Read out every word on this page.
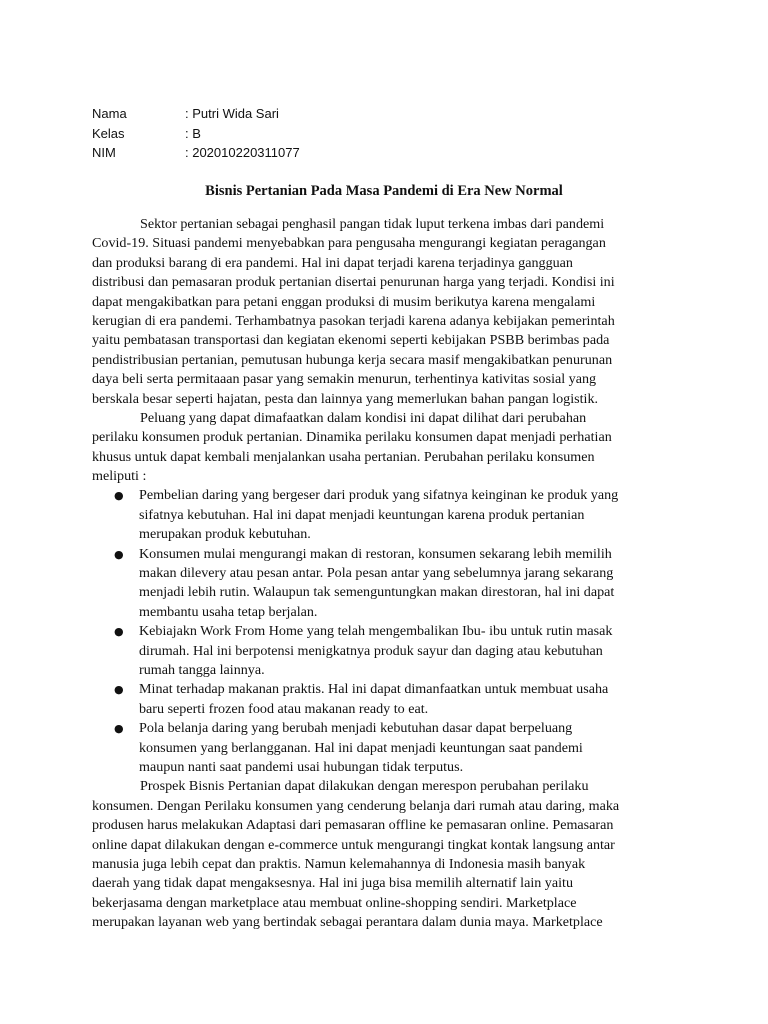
Nama	: Putri Wida Sari
Kelas	: B
NIM	: 202010220311077
Bisnis Pertanian Pada Masa Pandemi di Era New Normal
Sektor pertanian sebagai penghasil pangan tidak luput terkena imbas dari pandemi
Covid-19. Situasi pandemi menyebabkan para pengusaha mengurangi kegiatan peragangan
dan produksi barang di era pandemi. Hal ini dapat terjadi karena terjadinya gangguan
distribusi dan pemasaran produk pertanian disertai penurunan harga yang terjadi. Kondisi ini
dapat mengakibatkan para petani enggan produksi di musim berikutya karena mengalami
kerugian di era pandemi. Terhambatnya pasokan terjadi karena adanya kebijakan pemerintah
yaitu pembatasan transportasi dan kegiatan ekenomi seperti kebijakan PSBB berimbas pada
pendistribusian pertanian, pemutusan hubunga kerja secara masif mengakibatkan penurunan
daya beli serta permitaaan pasar yang semakin menurun, terhentinya kativitas sosial yang
berskala besar seperti hajatan, pesta dan lainnya yang memerlukan bahan pangan logistik.
Peluang yang dapat dimafaatkan dalam kondisi ini dapat dilihat dari perubahan
perilaku konsumen produk pertanian. Dinamika perilaku konsumen dapat menjadi perhatian
khusus untuk dapat kembali menjalankan usaha pertanian. Perubahan perilaku konsumen
meliputi :
● Pembelian daring yang bergeser dari produk yang sifatnya keinginan ke produk yang
sifatnya kebutuhan. Hal ini dapat menjadi keuntungan karena produk pertanian
merupakan produk kebutuhan.
● Konsumen mulai mengurangi makan di restoran, konsumen sekarang lebih memilih
makan dilevery atau pesan antar. Pola pesan antar yang sebelumnya jarang sekarang
menjadi lebih rutin. Walaupun tak semenguntungkan makan direstoran, hal ini dapat
membantu usaha tetap berjalan.
● Kebiajakn Work From Home yang telah mengembalikan Ibu- ibu untuk rutin masak
dirumah. Hal ini berpotensi menigkatnya produk sayur dan daging atau kebutuhan
rumah tangga lainnya.
● Minat terhadap makanan praktis. Hal ini dapat dimanfaatkan untuk membuat usaha
baru seperti frozen food atau makanan ready to eat.
● Pola belanja daring yang berubah menjadi kebutuhan dasar dapat berpeluang
konsumen yang berlangganan. Hal ini dapat menjadi keuntungan saat pandemi
maupun nanti saat pandemi usai hubungan tidak terputus.
Prospek Bisnis Pertanian dapat dilakukan dengan merespon perubahan perilaku
konsumen. Dengan Perilaku konsumen yang cenderung belanja dari rumah atau daring, maka
produsen harus melakukan Adaptasi dari pemasaran offline ke pemasaran online. Pemasaran
online dapat dilakukan dengan e-commerce untuk mengurangi tingkat kontak langsung antar
manusia juga lebih cepat dan praktis. Namun kelemahannya di Indonesia masih banyak
daerah yang tidak dapat mengaksesnya. Hal ini juga bisa memilih alternatif lain yaitu
bekerjasama dengan marketplace atau membuat online-shopping sendiri. Marketplace
merupakan layanan web yang bertindak sebagai perantara dalam dunia maya. Marketplace
